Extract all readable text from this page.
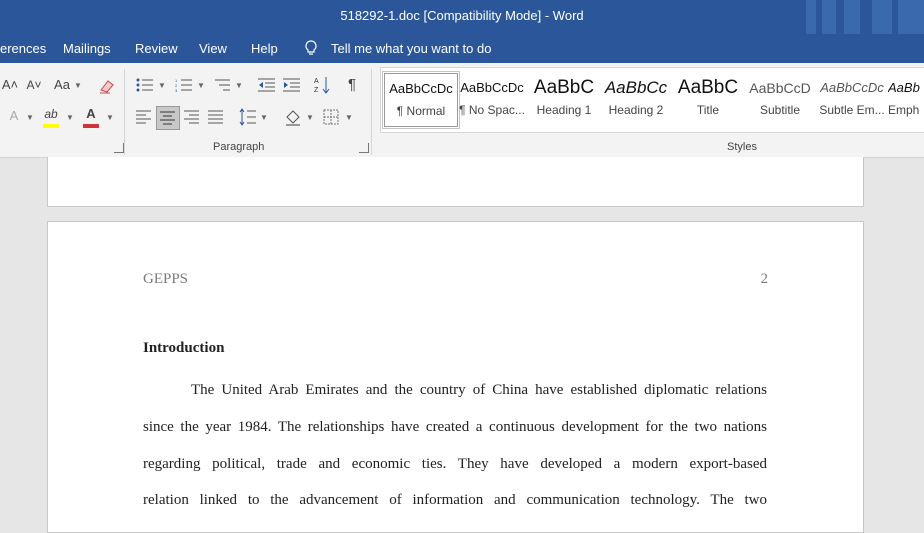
518292-1.doc [Compatibility Mode] - Word
erences Mailings Review View Help	Tell me what you want to do
A˄ A˅ Aa ▼
A ▼ ab ▼ A	▼
▼
1
2
3
▼	▼	A
Z ¶
▼	▼	▼
Paragraph
AaBbCcDc
¶ Normal
AaBbCcDc
¶ No Spac...
AaBbC
Heading 1
AaBbCc
Heading 2
AaBbC
Title
AaBbCcD
Subtitle
AaBbCcDc
Subtle Em...
AaBb
Emph
Styles
GEPPS	2
Introduction
The United Arab Emirates and the country of China have established diplomatic relations
since the year 1984. The relationships have created a continuous development for the two nations
regarding political, trade and economic ties. They have developed a modern export-based
relation linked to the advancement of information and communication technology. The two
